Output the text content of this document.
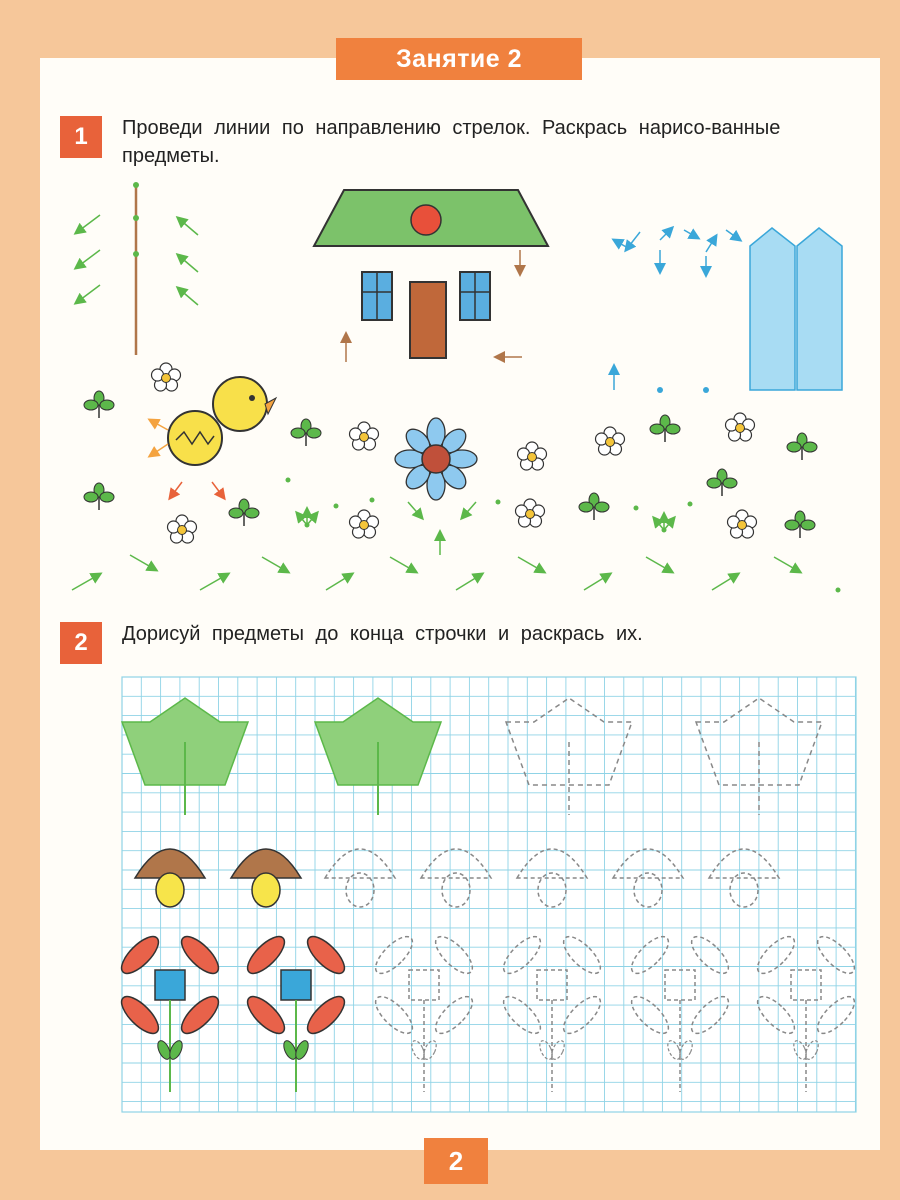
Занятие 2
1	Проведи линии по направлению стрелок. Раскрась нарисо-ванные предметы.
2	Дорисуй предметы до конца строчки и раскрась их.
2
